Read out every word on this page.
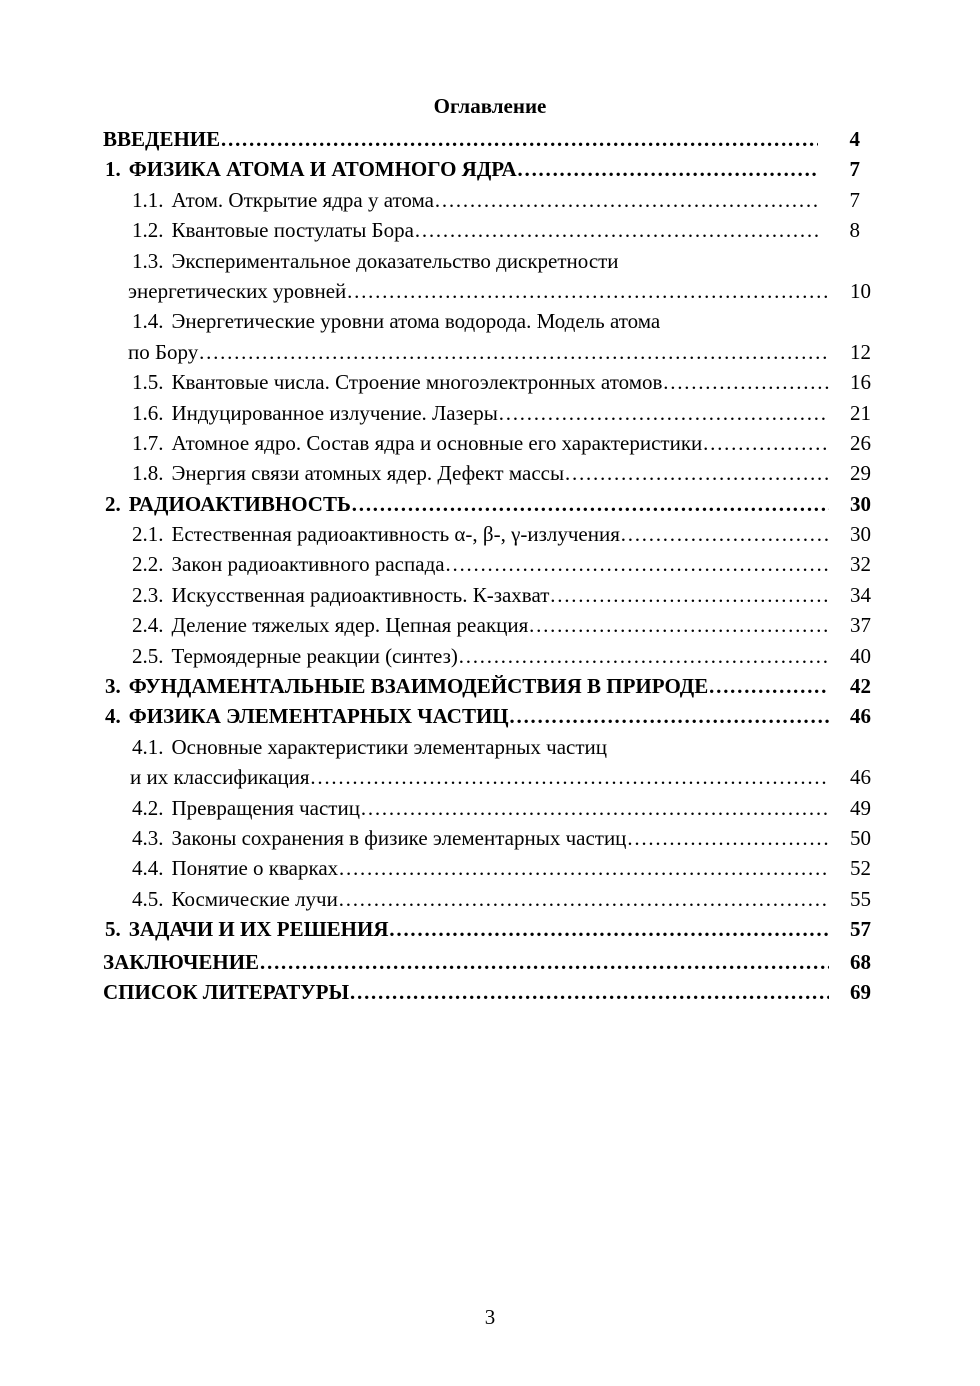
Оглавление
ВВЕДЕНИЕ …………………………………………………………………………………………………………………………………………………………	4
1. ФИЗИКА АТОМА И АТОМНОГО ЯДРА …………………………………………………………………………………………………………………………………………………………	7
1.1. Атом. Открытие ядра у атома …………………………………………………………………………………………………………………………………………………………	7
1.2. Квантовые постулаты Бора …………………………………………………………………………………………………………………………………………………………	8
1.3. Экспериментальное доказательство дискретности
энергетических уровней …………………………………………………………………………………………………………………………………………………………	10
1.4. Энергетические уровни атома водорода. Модель атома
по Бору …………………………………………………………………………………………………………………………………………………………	12
1.5. Квантовые числа. Строение многоэлектронных атомов …………………………………………………………………………………………………………………………………………………………	16
1.6. Индуцированное излучение. Лазеры …………………………………………………………………………………………………………………………………………………………	21
1.7. Атомное ядро. Состав ядра и основные его характеристики …………………………………………………………………………………………………………………………………………………………	26
1.8. Энергия связи атомных ядер. Дефект массы …………………………………………………………………………………………………………………………………………………………	29
2. РАДИОАКТИВНОСТЬ …………………………………………………………………………………………………………………………………………………………	30
2.1. Естественная радиоактивность α-, β-, γ-излучения …………………………………………………………………………………………………………………………………………………………	30
2.2. Закон радиоактивного распада …………………………………………………………………………………………………………………………………………………………	32
2.3. Искусственная радиоактивность. К-захват …………………………………………………………………………………………………………………………………………………………	34
2.4. Деление тяжелых ядер. Цепная реакция …………………………………………………………………………………………………………………………………………………………	37
2.5. Термоядерные реакции (синтез) …………………………………………………………………………………………………………………………………………………………	40
3. ФУНДАМЕНТАЛЬНЫЕ ВЗАИМОДЕЙСТВИЯ В ПРИРОДЕ …………………………………………………………………………………………………………………………………………………………	42
4. ФИЗИКА ЭЛЕМЕНТАРНЫХ ЧАСТИЦ …………………………………………………………………………………………………………………………………………………………	46
4.1. Основные характеристики элементарных частиц
и их классификация …………………………………………………………………………………………………………………………………………………………	46
4.2. Превращения частиц …………………………………………………………………………………………………………………………………………………………	49
4.3. Законы сохранения в физике элементарных частиц …………………………………………………………………………………………………………………………………………………………	50
4.4. Понятие о кварках …………………………………………………………………………………………………………………………………………………………	52
4.5. Космические лучи …………………………………………………………………………………………………………………………………………………………	55
5. ЗАДАЧИ И ИХ РЕШЕНИЯ …………………………………………………………………………………………………………………………………………………………	57
ЗАКЛЮЧЕНИЕ …………………………………………………………………………………………………………………………………………………………	68
СПИСОК ЛИТЕРАТУРЫ …………………………………………………………………………………………………………………………………………………………	69
3
